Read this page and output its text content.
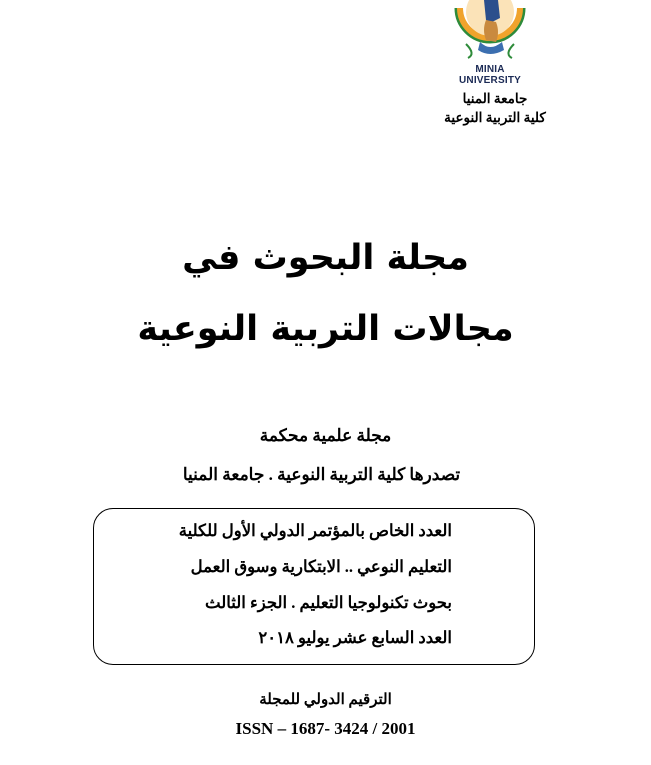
MINIA UNIVERSITY
جامعة المنيا
كلية التربية النوعية
مجلة البحوث في
مجالات التربية النوعية
مجلة علمية محكمة
تصدرها كلية التربية النوعية . جامعة المنيا
العدد الخاص بالمؤتمر الدولي الأول للكلية
التعليم النوعي .. الابتكارية وسوق العمل
بحوث تكنولوجيا التعليم . الجزء الثالث
العدد السابع عشر يوليو ٢٠١٨
الترقيم الدولي للمجلة
ISSN – 1687- 3424 / 2001
